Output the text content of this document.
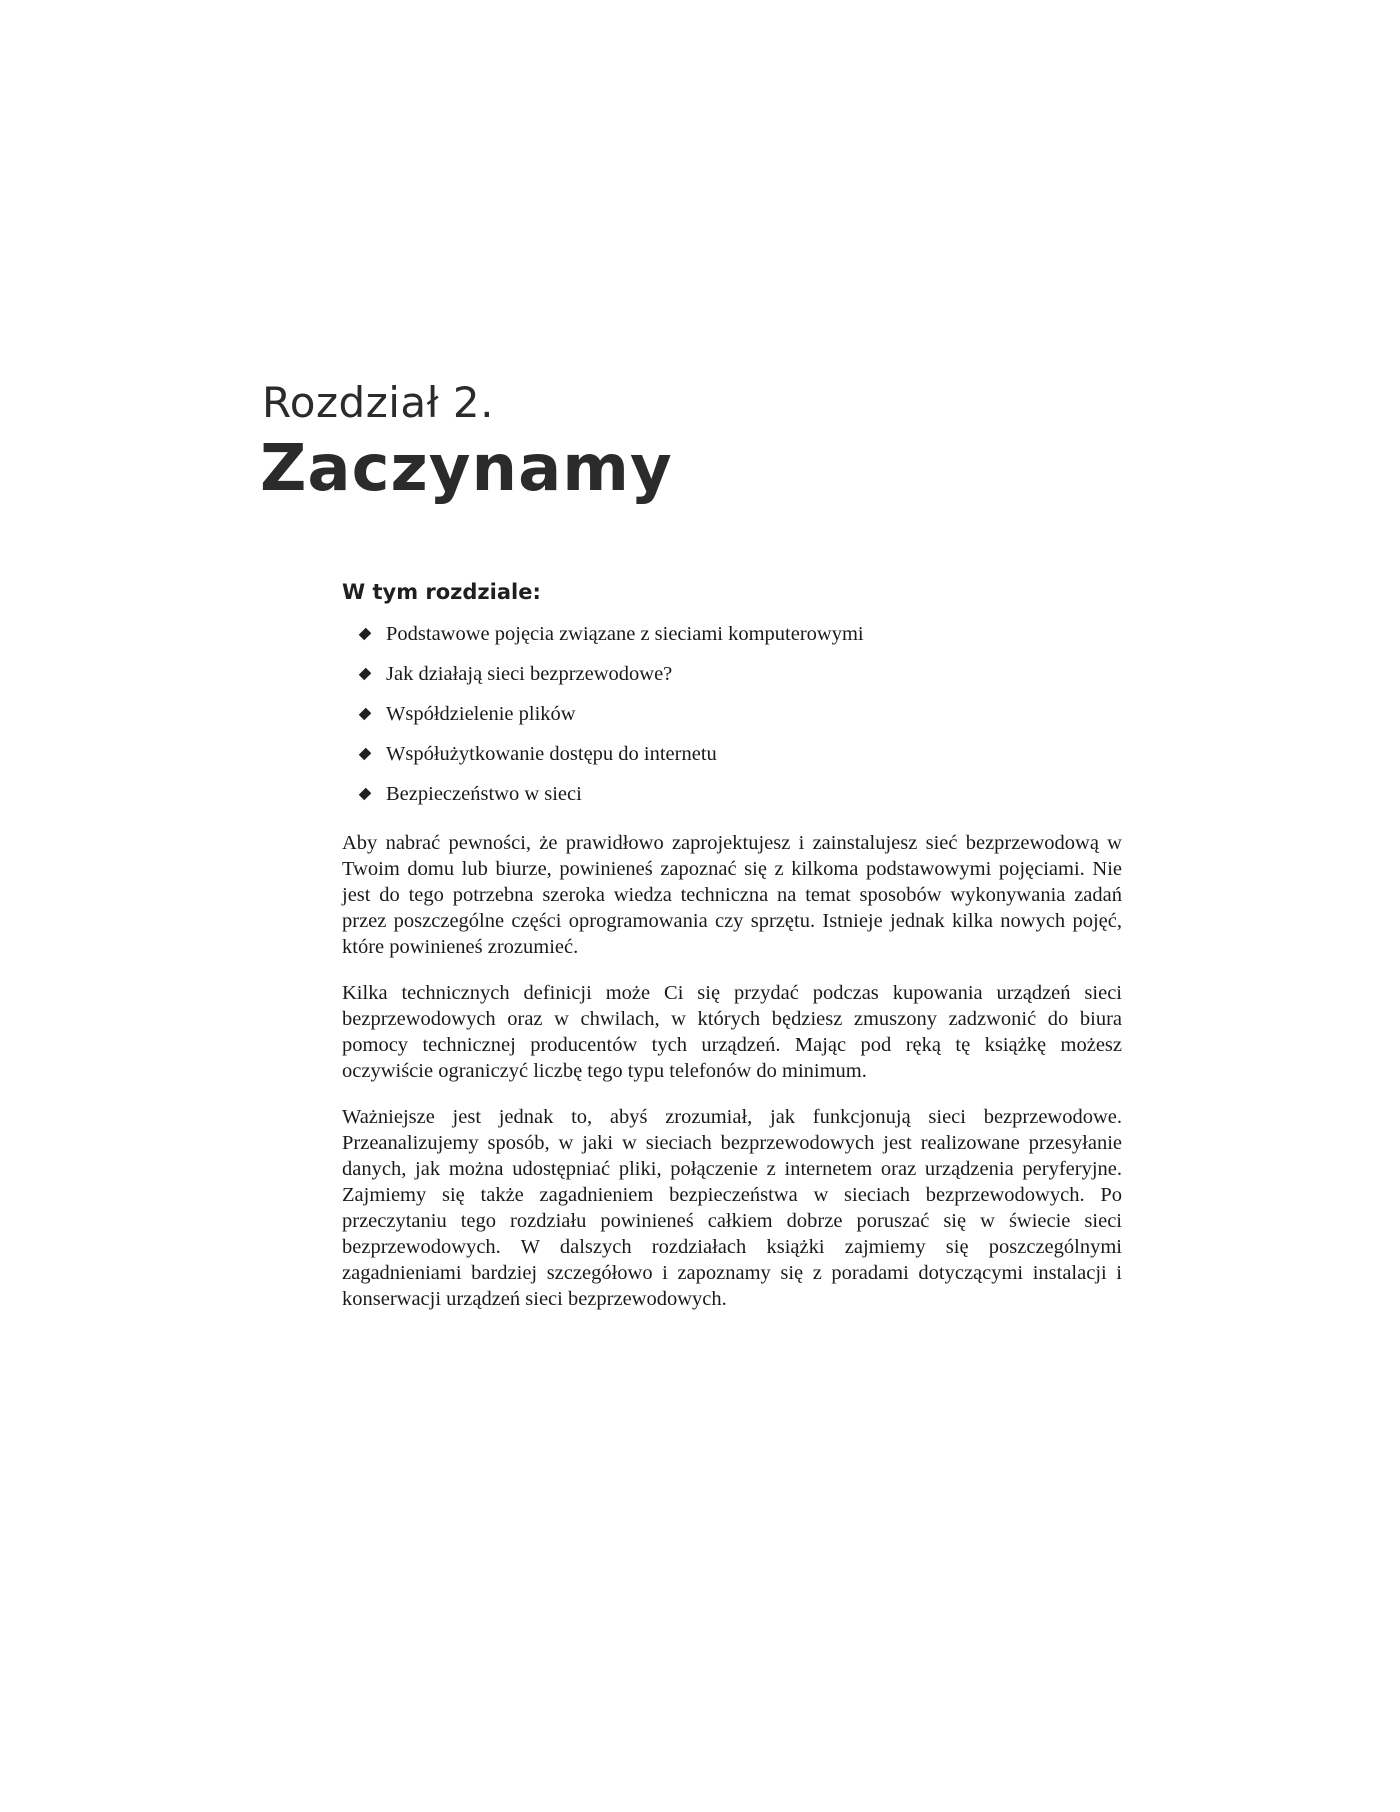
Rozdział 2.
Zaczynamy
W tym rozdziale:
Podstawowe pojęcia związane z sieciami komputerowymi
Jak działają sieci bezprzewodowe?
Współdzielenie plików
Współużytkowanie dostępu do internetu
Bezpieczeństwo w sieci

Aby nabrać pewności, że prawidłowo zaprojektujesz i zainstalujesz sieć bezprzewodową w Twoim domu lub biurze, powinieneś zapoznać się z kilkoma podstawowymi pojęciami. Nie jest do tego potrzebna szeroka wiedza techniczna na temat sposobów wykonywania zadań przez poszczególne części oprogramowania czy sprzętu. Istnieje jednak kilka nowych pojęć, które powinieneś zrozumieć.

Kilka technicznych definicji może Ci się przydać podczas kupowania urządzeń sieci bezprzewodowych oraz w chwilach, w których będziesz zmuszony zadzwonić do biura pomocy technicznej producentów tych urządzeń. Mając pod ręką tę książkę możesz oczywiście ograniczyć liczbę tego typu telefonów do minimum.

Ważniejsze jest jednak to, abyś zrozumiał, jak funkcjonują sieci bezprzewodowe. Przeanalizujemy sposób, w jaki w sieciach bezprzewodowych jest realizowane przesyłanie danych, jak można udostępniać pliki, połączenie z internetem oraz urządzenia peryferyjne. Zajmiemy się także zagadnieniem bezpieczeństwa w sieciach bezprzewodowych. Po przeczytaniu tego rozdziału powinieneś całkiem dobrze poruszać się w świecie sieci bezprzewodowych. W dalszych rozdziałach książki zajmiemy się poszczególnymi zagadnieniami bardziej szczegółowo i zapoznamy się z poradami dotyczącymi instalacji i konserwacji urządzeń sieci bezprzewodowych.
